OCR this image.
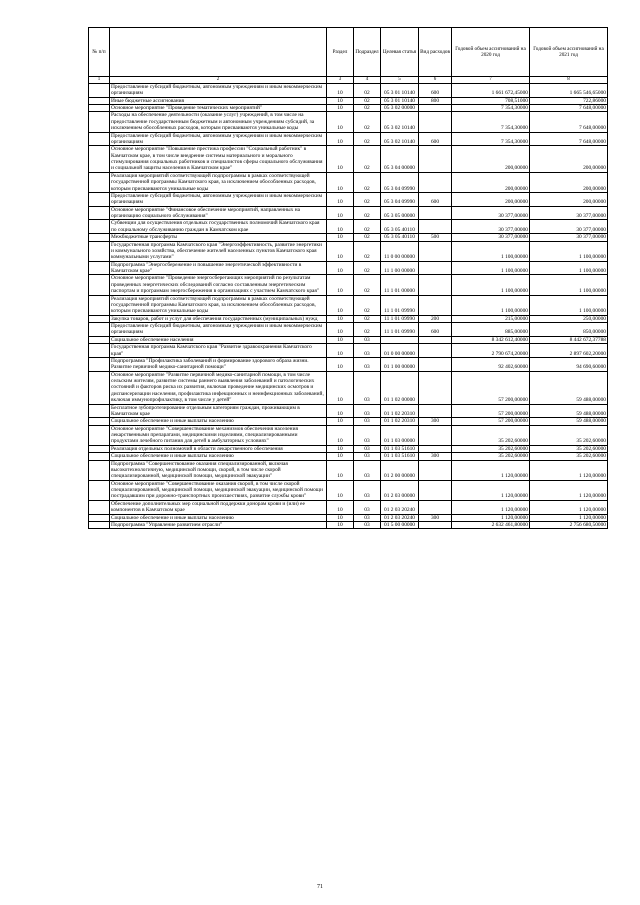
№ п/п		Раздел	Подраздел	Целевая статья	Вид расходов	Годовой объем ассигнований на 2020 год	Годовой объем ассигнований на 2021 год
1	2	3	4	5	6	7	8
	Предоставление субсидий бюджетным, автономным учреждениям и иным некоммерческим организациям	10	02	05 3 01 10140	600	1 661 672,45000	1 665 546,65000
	Иные бюджетные ассигнования	10	02	05 3 01 10140	800	708,51000	722,86000
	Основное мероприятие "Проведение тематических мероприятий"	10	02	05 3 02 00000		7 354,30000	7 648,00000
	Расходы на обеспечение деятельности (оказание услуг) учреждений, в том числе на предоставление государственным бюджетным и автономным учреждениям субсидий, за исключением обособленных расходов, которым присваиваются уникальные коды	10	02	05 3 02 10140		7 354,30000	7 648,00000
	Предоставление субсидий бюджетным, автономным учреждениям и иным некоммерческим организациям	10	02	05 3 02 10140	600	7 354,30000	7 648,00000
	Основное мероприятие "Повышение престижа профессии "Социальный работник" в Камчатском крае, в том числе внедрение системы материального и морального стимулирования социальных работников и специалистов сферы социального обслуживания и социальной защиты населения в Камчатском крае"	10	02	05 3 04 00000		200,00000	200,00000
	Реализация мероприятий соответствующей подпрограммы в рамках соответствующей государственной программы Камчатского края, за исключением обособленных расходов, которым присваиваются уникальные коды	10	02	05 3 04 09990		200,00000	200,00000
	Предоставление субсидий бюджетным, автономным учреждениям и иным некоммерческим организациям	10	02	05 3 04 09990	600	200,00000	200,00000
	Основное мероприятие "Финансовое обеспечение мероприятий, направленных на организацию социального обслуживания"	10	02	05 3 05 00000		30 377,00000	30 377,00000
	Субвенции для осуществления отдельных государственных полномочий Камчатского края по социальному обслуживанию граждан в Камчатском крае	10	02	05 3 05 40110		30 377,00000	30 377,00000
	Межбюджетные трансферты	10	02	05 3 05 40110	500	30 377,00000	30 377,00000
	Государственная программа Камчатского края "Энергоэффективность, развитие энергетики и коммунального хозяйства, обеспечение жителей населенных пунктов Камчатского края коммунальными услугами"	10	02	11 0 00 00000		1 100,00000	1 100,00000
	Подпрограмма "Энергосбережение и повышение энергетической эффективности в Камчатском крае"	10	02	11 1 00 00000		1 100,00000	1 100,00000
	Основное мероприятие "Проведение энергосберегающих мероприятий по результатам проведенных энергетических обследований согласно составленным энергетическим паспортам и программам энергосбережения в организациях с участием Камчатского края"	10	02	11 1 01 00000		1 100,00000	1 100,00000
	Реализация мероприятий соответствующей подпрограммы в рамках соответствующей государственной программы Камчатского края, за исключением обособленных расходов, которым присваиваются уникальные коды	10	02	11 1 01 09990		1 100,00000	1 100,00000
	Закупка товаров, работ и услуг для обеспечения государственных (муниципальных) нужд	10	02	11 1 01 09990	200	215,00000	250,00000
	Предоставление субсидий бюджетным, автономным учреждениям и иным некоммерческим организациям	10	02	11 1 01 09990	600	885,00000	850,00000
	Социальное обеспечение населения	10	03			8 342 612,40000	8 442 672,37788
	Государственная программа Камчатского края "Развитие здравоохранения Камчатского края"	10	03	01 0 00 00000		2 790 674,20000	2 897 602,20000
	Подпрограмма "Профилактика заболеваний и формирование здорового образа жизни. Развитие первичной медико-санитарной помощи"	10	03	01 1 00 00000		92 402,60000	94 690,60000
	Основное мероприятие "Развитие первичной медико-санитарной помощи, в том числе сельским жителям, развитие системы раннего выявления заболеваний и патологических состояний и факторов риска их развития, включая проведение медицинских осмотров и диспансеризации населения, профилактика инфекционных и неинфекционных заболеваний, включая иммунопрофилактику, в том числе у детей"	10	03	01 1 02 00000		57 200,00000	59 488,00000
	Бесплатное зубопротезирование отдельным категориям граждан, проживающим в Камчатском крае	10	03	01 1 02 20310		57 200,00000	59 488,00000
	Социальное обеспечение и иные выплаты населению	10	03	01 1 02 20310	300	57 200,00000	59 488,00000
	Основное мероприятие "Совершенствование механизмов обеспечения населения лекарственными препаратами, медицинскими изделиями, специализированными продуктами лечебного питания для детей в амбулаторных условиях"	10	03	01 1 03 00000		35 202,60000	35 202,60000
	Реализация отдельных полномочий в области лекарственного обеспечения	10	03	01 1 03 51610		35 202,60000	35 202,60000
	Социальное обеспечение и иные выплаты населению	10	03	01 1 03 51610	300	35 202,60000	35 202,60000
	Подпрограмма "Совершенствование оказания специализированной, включая высокотехнологичную, медицинской помощи, скорой, в том числе скорой специализированной, медицинской помощи, медицинской эвакуации"	10	03	01 2 00 00000		1 120,00000	1 120,00000
	Основное мероприятие "Совершенствование оказания скорой, в том числе скорой специализированной, медицинской помощи, медицинской эвакуации, медицинской помощи пострадавшим при дорожно-транспортных происшествиях, развитие службы крови"	10	03	01 2 03 00000		1 120,00000	1 120,00000
	Обеспечение дополнительных мер социальной поддержки донорам крови и (или) ее компонентов в Камчатском крае	10	03	01 2 03 20240		1 120,00000	1 120,00000
	Социальное обеспечение и иные выплаты населению	10	03	01 2 03 20240	300	1 120,00000	1 120,00000
	Подпрограмма "Управление развитием отрасли"	10	03	01 5 00 00000		2 632 461,80000	2 756 680,50000
71
